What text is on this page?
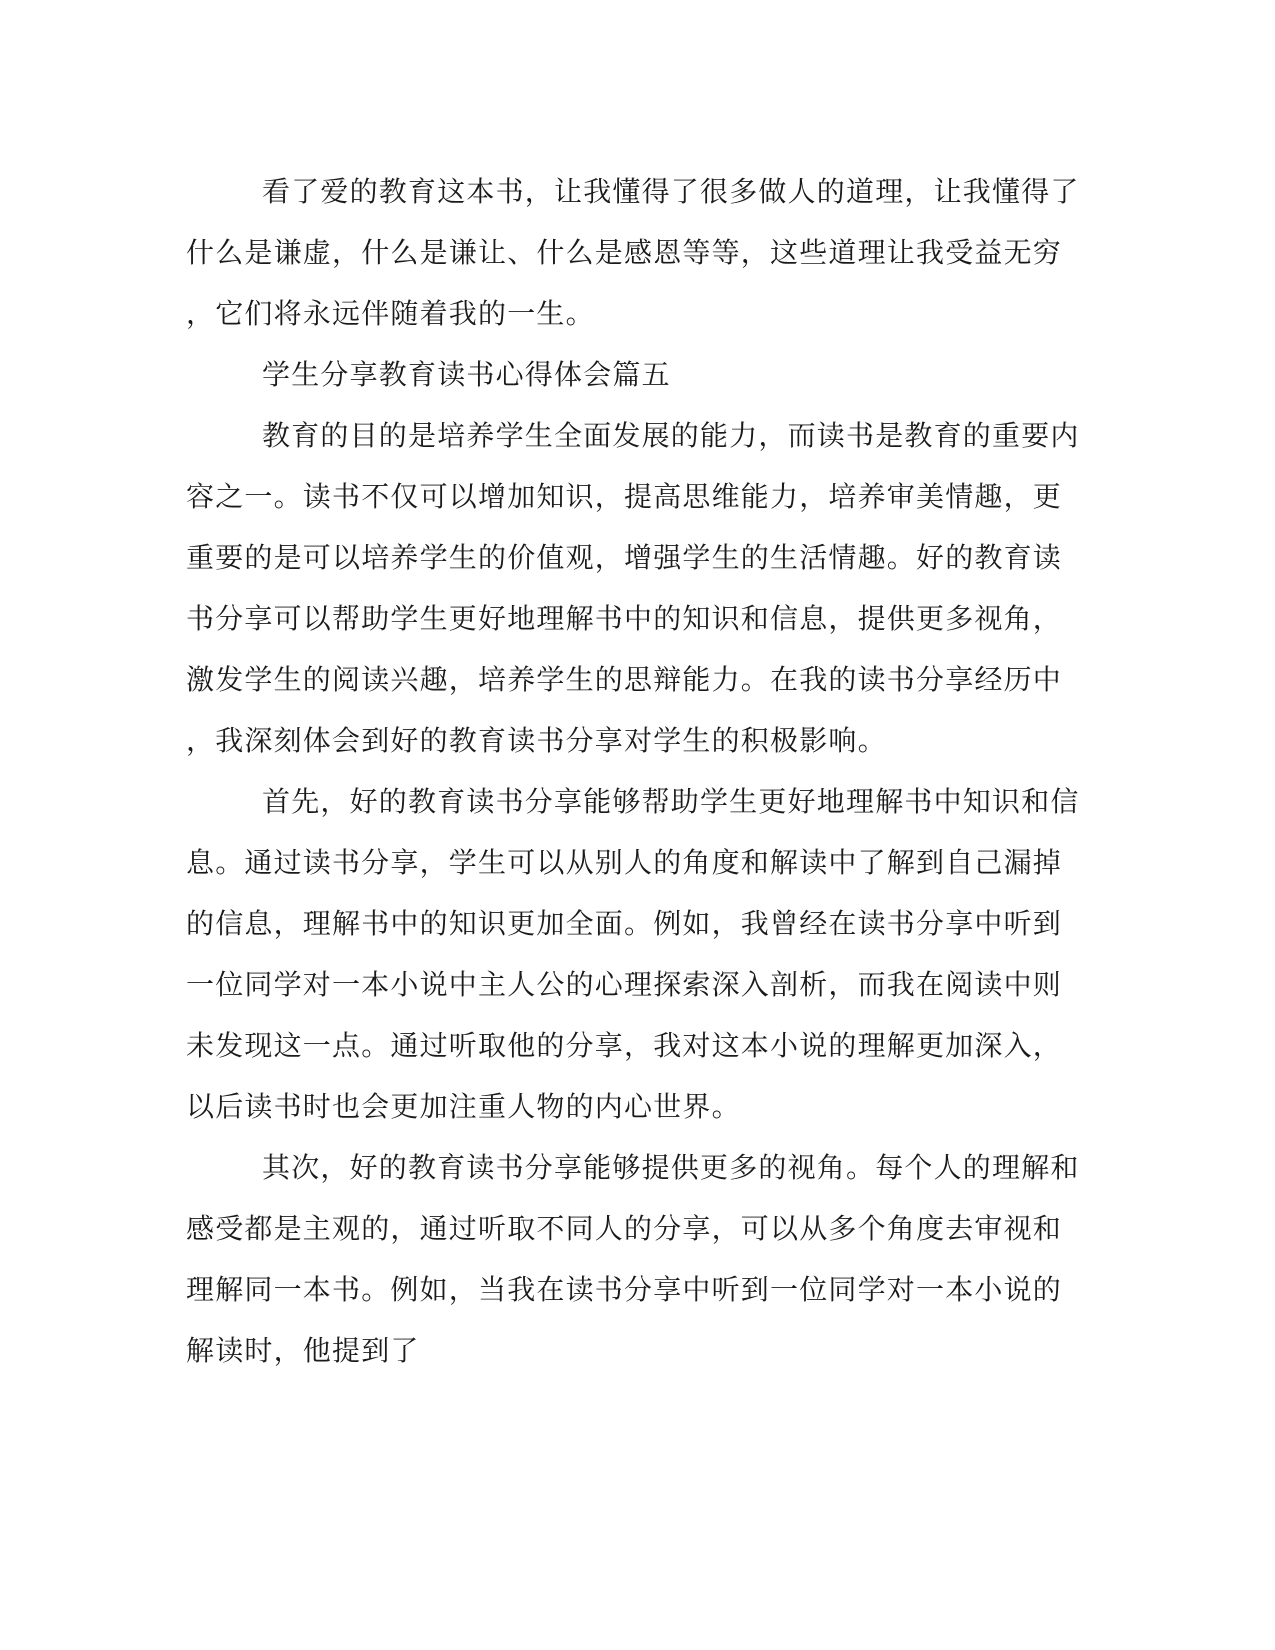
看了爱的教育这本书，让我懂得了很多做人的道理，让我懂得了
什么是谦虚，什么是谦让、什么是感恩等等，这些道理让我受益无穷
，它们将永远伴随着我的一生。
学生分享教育读书心得体会篇五
教育的目的是培养学生全面发展的能力，而读书是教育的重要内
容之一。读书不仅可以增加知识，提高思维能力，培养审美情趣，更
重要的是可以培养学生的价值观，增强学生的生活情趣。好的教育读
书分享可以帮助学生更好地理解书中的知识和信息，提供更多视角，
激发学生的阅读兴趣，培养学生的思辩能力。在我的读书分享经历中
，我深刻体会到好的教育读书分享对学生的积极影响。
首先，好的教育读书分享能够帮助学生更好地理解书中知识和信
息。通过读书分享，学生可以从别人的角度和解读中了解到自己漏掉
的信息，理解书中的知识更加全面。例如，我曾经在读书分享中听到
一位同学对一本小说中主人公的心理探索深入剖析，而我在阅读中则
未发现这一点。通过听取他的分享，我对这本小说的理解更加深入，
以后读书时也会更加注重人物的内心世界。
其次，好的教育读书分享能够提供更多的视角。每个人的理解和
感受都是主观的，通过听取不同人的分享，可以从多个角度去审视和
理解同一本书。例如，当我在读书分享中听到一位同学对一本小说的
解读时，他提到了
